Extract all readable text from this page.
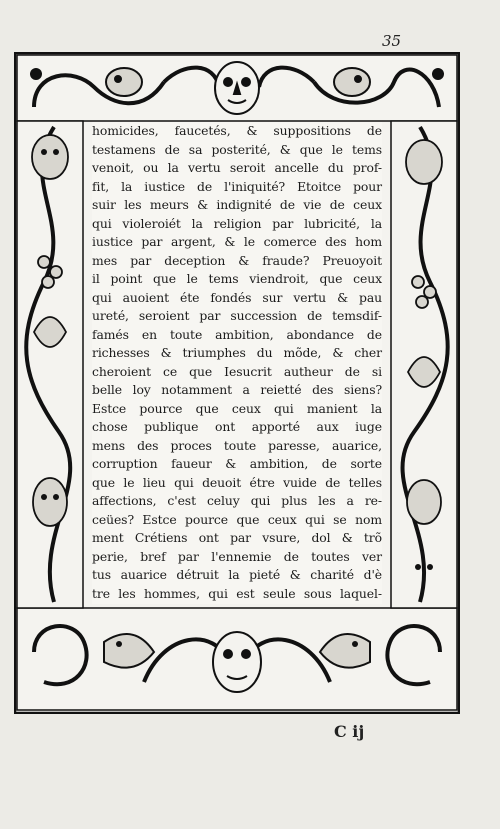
35
homicides, faucetés, & suppositions de
testamens de sa posterité, & que le tems
venoit, ou la vertu seroit ancelle du prof-
fit, la iustice de l'iniquité? Etoitce pour
suir les meurs & indignité de vie de ceux
qui violeroiét la religion par lubricité, la
iustice par argent, & le comerce des hom
mes par deception & fraude? Preuoyoit
il point que le tems viendroit, que ceux
qui auoient éte fondés sur vertu & pau
ureté, seroient par succession de temsdif-
famés en toute ambition, abondance de
richesses & triumphes du mõde, & cher
cheroient ce que Iesucrit autheur de si
belle loy notamment a reietté des siens?
Estce pource que ceux qui manient la
chose publique ont apporté aux iuge
mens des proces toute paresse, auarice,
corruption faueur & ambition, de sorte
que le lieu qui deuoit étre vuide de telles
affections, c'est celuy qui plus les a re-
ceües? Estce pource que ceux qui se nom
ment Crétiens ont par vsure, dol & trõ
perie, bref par l'ennemie de toutes ver
tus auarice détruit la pieté & charité d'è
tre les hommes, qui est seule sous laquel-
C ĳ
